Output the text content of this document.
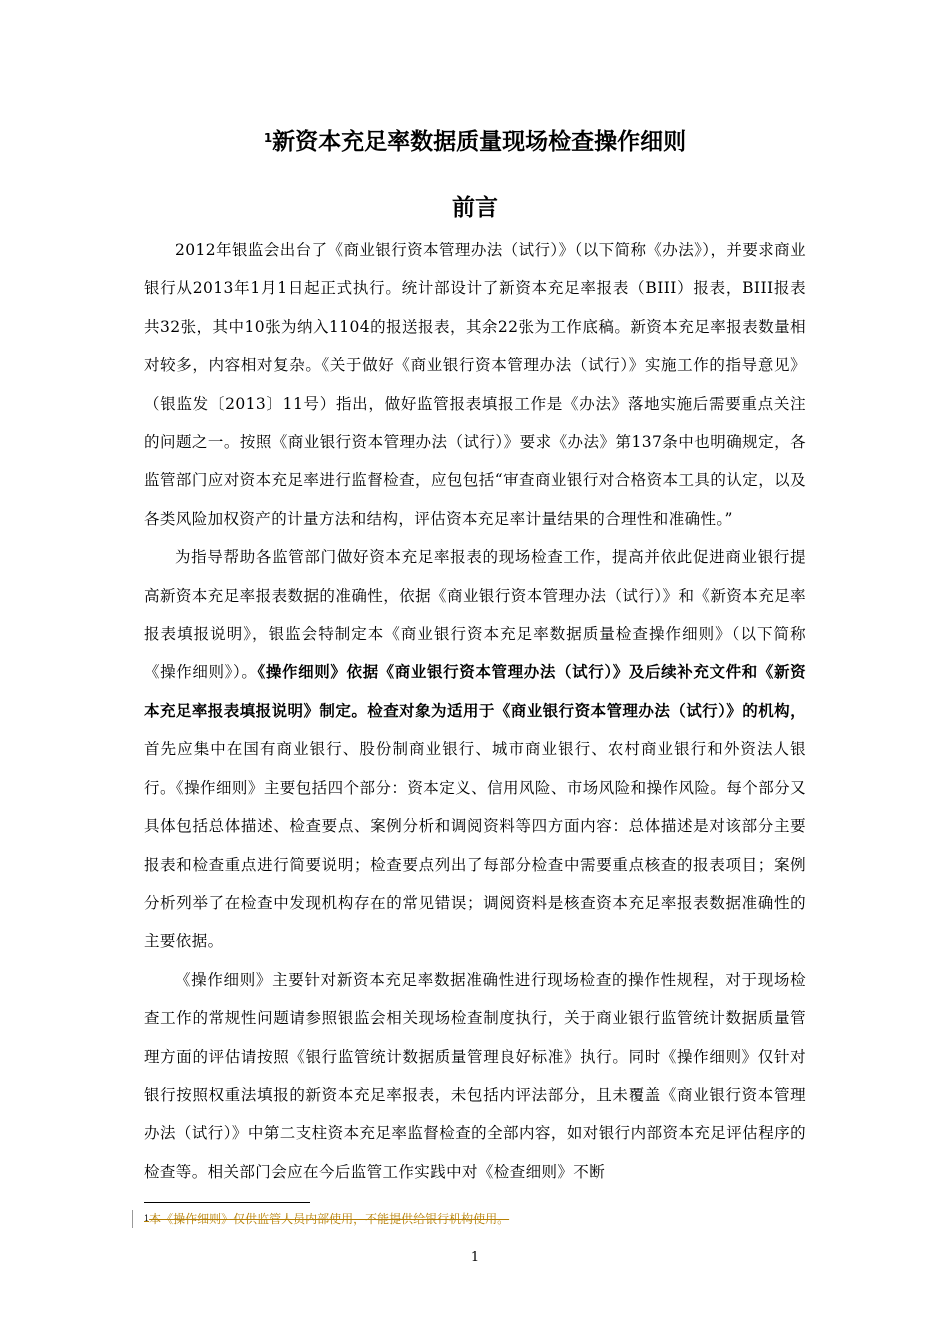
$^1$新资本充足率数据质量现场检查操作细则
前言

2012年银监会出台了《商业银行资本管理办法（试行）》（以下简称《办法》），并要求商业银行从2013年1月1日起正式执行。统计部设计了新资本充足率报表（BIII）报表，BIII报表共32张，其中10张为纳入1104的报送报表，其余22张为工作底稿。新资本充足率报表数量相对较多，内容相对复杂。《关于做好《商业银行资本管理办法（试行）》实施工作的指导意见》（银监发〔2013〕11号）指出，做好监管报表填报工作是《办法》落地实施后需要重点关注的问题之一。按照《商业银行资本管理办法（试行）》要求《办法》第137条中也明确规定，各监管部门应对资本充足率进行监督检查，应包包括“审查商业银行对合格资本工具的认定，以及各类风险加权资产的计量方法和结构，评估资本充足率计量结果的合理性和准确性。”

为指导帮助各监管部门做好资本充足率报表的现场检查工作，提高并依此促进商业银行提高新资本充足率报表数据的准确性，依据《商业银行资本管理办法（试行）》和《新资本充足率报表填报说明》，银监会特制定本《商业银行资本充足率数据质量检查操作细则》（以下简称《操作细则》）。《操作细则》依据《商业银行资本管理办法（试行）》及后续补充文件和《新资本充足率报表填报说明》制定。检查对象为适用于《商业银行资本管理办法（试行）》的机构，首先应集中在国有商业银行、股份制商业银行、城市商业银行、农村商业银行和外资法人银行。《操作细则》主要包括四个部分：资本定义、信用风险、市场风险和操作风险。每个部分又具体包括总体描述、检查要点、案例分析和调阅资料等四方面内容：总体描述是对该部分主要报表和检查重点进行简要说明；检查要点列出了每部分检查中需要重点核查的报表项目；案例分析列举了在检查中发现机构存在的常见错误；调阅资料是核查资本充足率报表数据准确性的主要依据。

《操作细则》主要针对新资本充足率数据准确性进行现场检查的操作性规程，对于现场检查工作的常规性问题请参照银监会相关现场检查制度执行，关于商业银行监管统计数据质量管理方面的评估请按照《银行监管统计数据质量管理良好标准》执行。同时《操作细则》仅针对银行按照权重法填报的新资本充足率报表，未包括内评法部分，且未覆盖《商业银行资本管理办法（试行）》中第二支柱资本充足率监督检查的全部内容，如对银行内部资本充足评估程序的检查等。相关部门会应在今后监管工作实践中对《检查细则》不断

$^1$本《操作细则》仅供监管人员内部使用，不能提供给银行机构使用。

1
